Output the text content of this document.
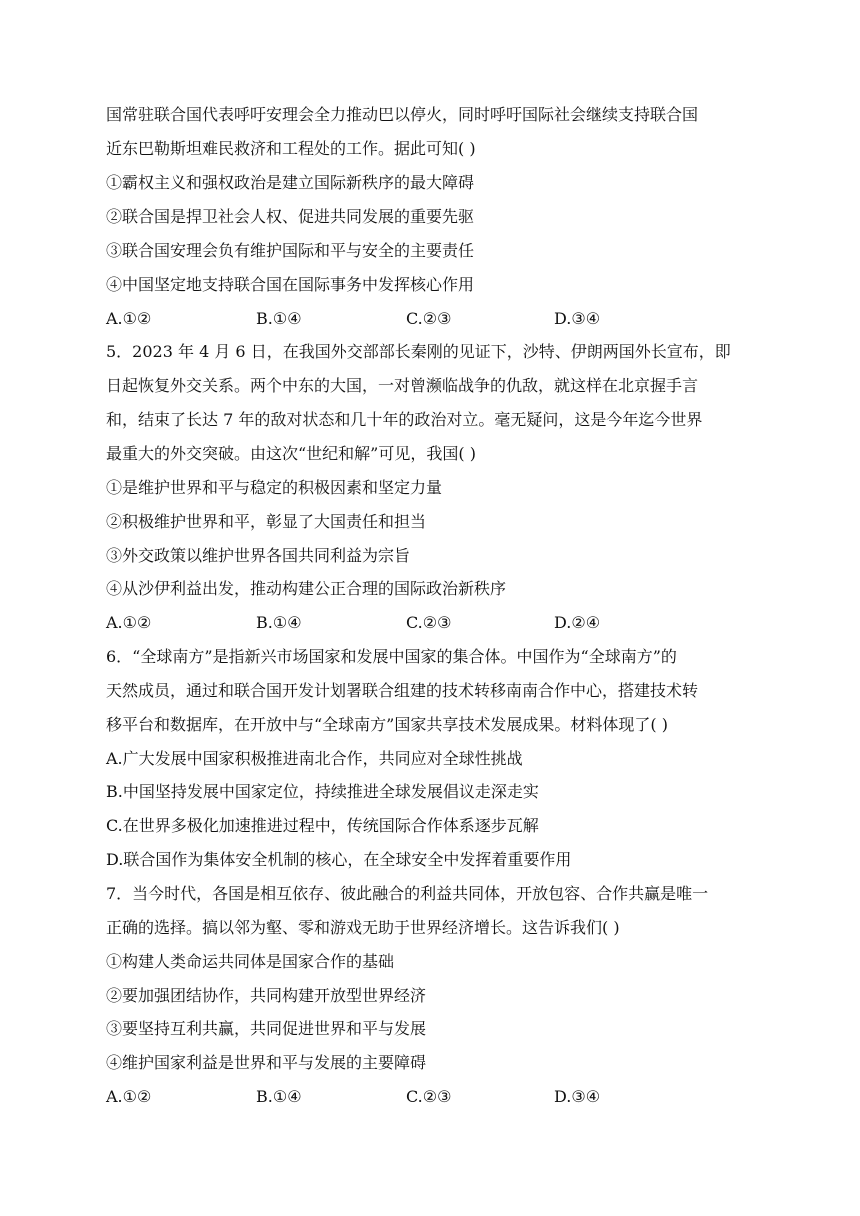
国常驻联合国代表呼吁安理会全力推动巴以停火，同时呼吁国际社会继续支持联合国
近东巴勒斯坦难民救济和工程处的工作。据此可知( )
①霸权主义和强权政治是建立国际新秩序的最大障碍
②联合国是捍卫社会人权、促进共同发展的重要先驱
③联合国安理会负有维护国际和平与安全的主要责任
④中国坚定地支持联合国在国际事务中发挥核心作用
A.①②	B.①④	C.②③	D.③④
5．2023 年 4 月 6 日，在我国外交部部长秦刚的见证下，沙特、伊朗两国外长宣布，即
日起恢复外交关系。两个中东的大国，一对曾濒临战争的仇敌，就这样在北京握手言
和，结束了长达 7 年的敌对状态和几十年的政治对立。毫无疑问，这是今年迄今世界
最重大的外交突破。由这次“世纪和解”可见，我国( )
①是维护世界和平与稳定的积极因素和坚定力量
②积极维护世界和平，彰显了大国责任和担当
③外交政策以维护世界各国共同利益为宗旨
④从沙伊利益出发，推动构建公正合理的国际政治新秩序
A.①②	B.①④	C.②③	D.②④
6．“全球南方”是指新兴市场国家和发展中国家的集合体。中国作为“全球南方”的
天然成员，通过和联合国开发计划署联合组建的技术转移南南合作中心，搭建技术转
移平台和数据库，在开放中与“全球南方”国家共享技术发展成果。材料体现了( )
A.广大发展中国家积极推进南北合作，共同应对全球性挑战
B.中国坚持发展中国家定位，持续推进全球发展倡议走深走实
C.在世界多极化加速推进过程中，传统国际合作体系逐步瓦解
D.联合国作为集体安全机制的核心，在全球安全中发挥着重要作用
7．当今时代，各国是相互依存、彼此融合的利益共同体，开放包容、合作共赢是唯一
正确的选择。搞以邻为壑、零和游戏无助于世界经济增长。这告诉我们( )
①构建人类命运共同体是国家合作的基础
②要加强团结协作，共同构建开放型世界经济
③要坚持互利共赢，共同促进世界和平与发展
④维护国家利益是世界和平与发展的主要障碍
A.①②	B.①④	C.②③	D.③④
